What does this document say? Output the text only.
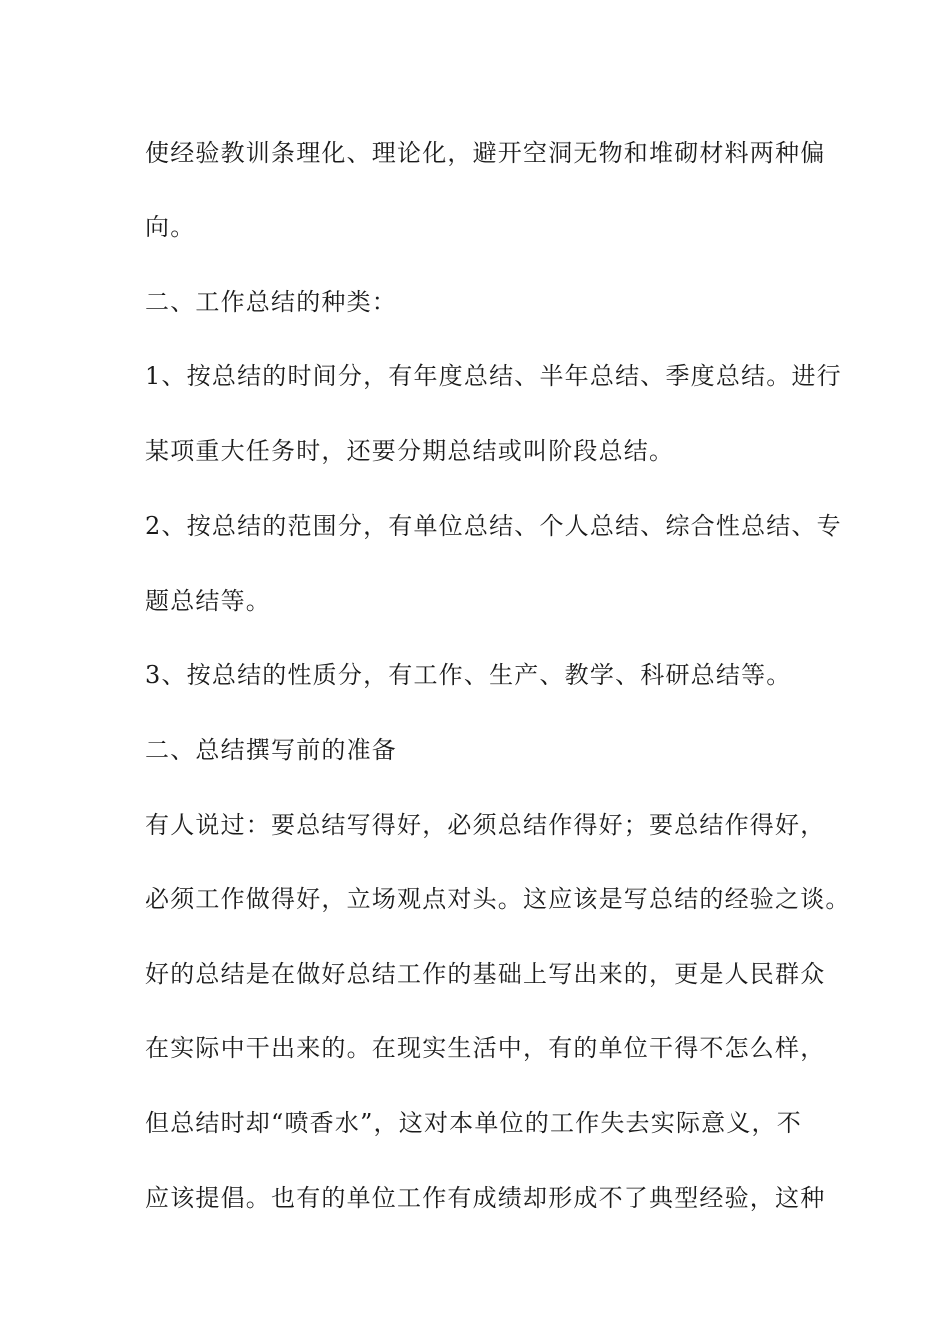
使经验教训条理化、理论化，避开空洞无物和堆砌材料两种偏

向。

二、工作总结的种类：

1、按总结的时间分，有年度总结、半年总结、季度总结。进行

某项重大任务时，还要分期总结或叫阶段总结。

2、按总结的范围分，有单位总结、个人总结、综合性总结、专

题总结等。

3、按总结的性质分，有工作、生产、教学、科研总结等。

二、总结撰写前的准备

有人说过：要总结写得好，必须总结作得好；要总结作得好，

必须工作做得好，立场观点对头。这应该是写总结的经验之谈。

好的总结是在做好总结工作的基础上写出来的，更是人民群众

在实际中干出来的。在现实生活中，有的单位干得不怎么样，

但总结时却“喷香水”，这对本单位的工作失去实际意义，不

应该提倡。也有的单位工作有成绩却形成不了典型经验，这种
